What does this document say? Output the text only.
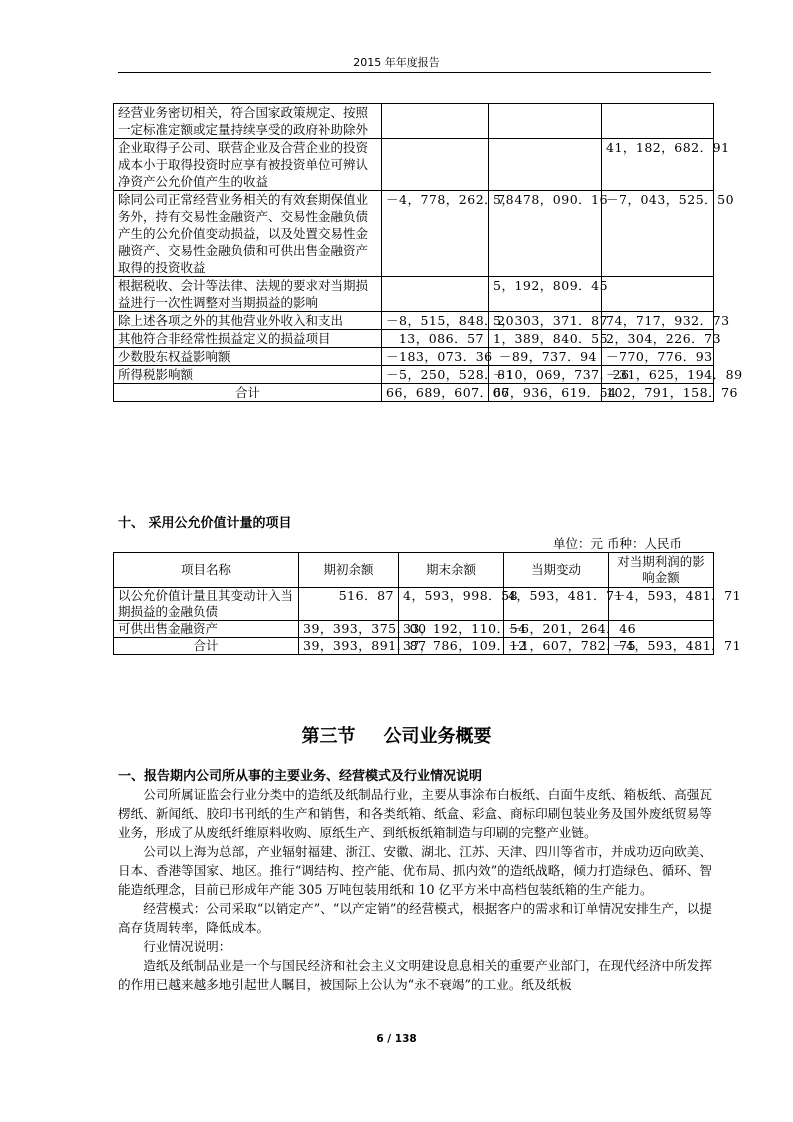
2015 年年度报告
经营业务密切相关，符合国家政策规定、按照一定标准定额或定量持续享受的政府补助除外			
企业取得子公司、联营企业及合营企业的投资成本小于取得投资时应享有被投资单位可辨认净资产公允价值产生的收益			41，182，682．91
除同公司正常经营业务相关的有效套期保值业务外，持有交易性金融资产、交易性金融负债产生的公允价值变动损益，以及处置交易性金融资产、交易性金融负债和可供出售金融资产取得的投资收益	－4，778，262．78	5，478，090．16	－7，043，525．50
根据税收、会计等法律、法规的要求对当期损益进行一次性调整对当期损益的影响		5，192，809．45	
除上述各项之外的其他营业外收入和支出	－8，515，848．20	5，303，371．87	74，717，932．73
其他符合非经常性损益定义的损益项目	13，086．57	1，389，840．55	2，304，226．73
少数股东权益影响额	－183，073．36	－89，737．94	－770，776．93
所得税影响额	－5，250，528．81	－10，069，737．26	－31，625，194．89
合计	66，689，607．06	67，936，619．54	102，791，158．76
十、 采用公允价值计量的项目
单位：元 币种：人民币
项目名称	期初余额	期末余额	当期变动	对当期利润的影响金额
以公允价值计量且其变动计入当期损益的金融负债	516．87	4，593，998．58	4，593，481．71	－4，593，481．71
可供出售金融资产	39，393，375．00	33，192，110．54	－6，201，264．46	
合计	39，393，891．87	37，786，109．12	－1，607，782．75	－4，593，481．71
第三节 公司业务概要
一、报告期内公司所从事的主要业务、经营模式及行业情况说明

公司所属证监会行业分类中的造纸及纸制品行业，主要从事涂布白板纸、白面牛皮纸、箱板纸、高强瓦楞纸、新闻纸、胶印书刊纸的生产和销售，和各类纸箱、纸盒、彩盒、商标印刷包装业务及国外废纸贸易等业务，形成了从废纸纤维原料收购、原纸生产、到纸板纸箱制造与印刷的完整产业链。

公司以上海为总部，产业辐射福建、浙江、安徽、湖北、江苏、天津、四川等省市，并成功迈向欧美、日本、香港等国家、地区。推行“调结构、控产能、优布局、抓内效”的造纸战略，倾力打造绿色、循环、智能造纸理念，目前已形成年产能 305 万吨包装用纸和 10 亿平方米中高档包装纸箱的生产能力。

经营模式：公司采取“以销定产”、“以产定销”的经营模式，根据客户的需求和订单情况安排生产，以提高存货周转率，降低成本。

行业情况说明：

造纸及纸制品业是一个与国民经济和社会主义文明建设息息相关的重要产业部门，在现代经济中所发挥的作用已越来越多地引起世人瞩目，被国际上公认为“永不衰竭”的工业。纸及纸板

6 / 138
